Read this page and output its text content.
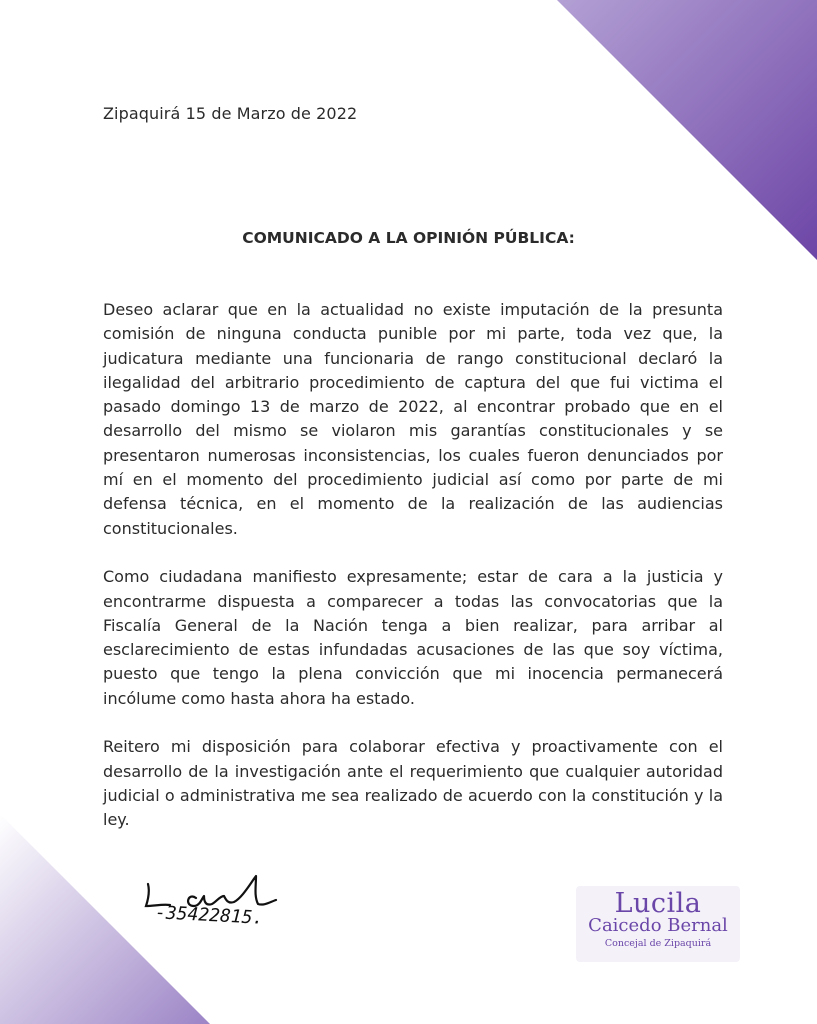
Zipaquirá 15 de Marzo de 2022
COMUNICADO A LA OPINIÓN PÚBLICA:

Deseo aclarar que en la actualidad no existe imputación de la presunta comisión de ninguna conducta punible por mi parte, toda vez que, la judicatura mediante una funcionaria de rango constitucional declaró la ilegalidad del arbitrario procedimiento de captura del que fui victima el pasado domingo 13 de marzo de 2022, al encontrar probado que en el desarrollo del mismo se violaron mis garantías constitucionales y se presentaron numerosas inconsistencias, los cuales fueron denunciados por mí en el momento del procedimiento judicial así como por parte de mi defensa técnica, en el momento de la realización de las audiencias constitucionales.

Como ciudadana manifiesto expresamente; estar de cara a la justicia y encontrarme dispuesta a comparecer a todas las convocatorias que la Fiscalía General de la Nación tenga a bien realizar, para arribar al esclarecimiento de estas infundadas acusaciones de las que soy víctima, puesto que tengo la plena convicción que mi inocencia permanecerá incólume como hasta ahora ha estado.

Reitero mi disposición para colaborar efectiva y proactivamente con el desarrollo de la investigación ante el requerimiento que cualquier autoridad judicial o administrativa me sea realizado de acuerdo con la constitución y la ley.

-35422815.	Lucila
Caicedo Bernal
Concejal de Zipaquirá
